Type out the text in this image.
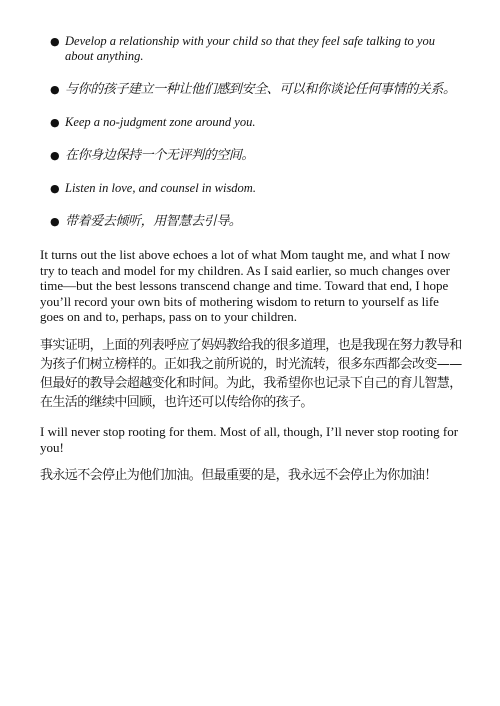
● Develop a relationship with your child so that they feel safe talking to you about anything.
● 与你的孩子建立一种让他们感到安全、可以和你谈论任何事情的关系。
● Keep a no-judgment zone around you.
● 在你身边保持一个无评判的空间。
● Listen in love, and counsel in wisdom.
● 带着爱去倾听，用智慧去引导。

It turns out the list above echoes a lot of what Mom taught me, and what I now try to teach and model for my children. As I said earlier, so much changes over time—but the best lessons transcend change and time. Toward that end, I hope you’ll record your own bits of mothering wisdom to return to yourself as life goes on and to, perhaps, pass on to your children.

事实证明，上面的列表呼应了妈妈教给我的很多道理，也是我现在努力教导和为孩子们树立榜样的。正如我之前所说的，时光流转，很多东西都会改变——但最好的教导会超越变化和时间。为此，我希望你也记录下自己的育儿智慧，在生活的继续中回顾，也许还可以传给你的孩子。

I will never stop rooting for them. Most of all, though, I’ll never stop rooting for you!

我永远不会停止为他们加油。但最重要的是，我永远不会停止为你加油！
